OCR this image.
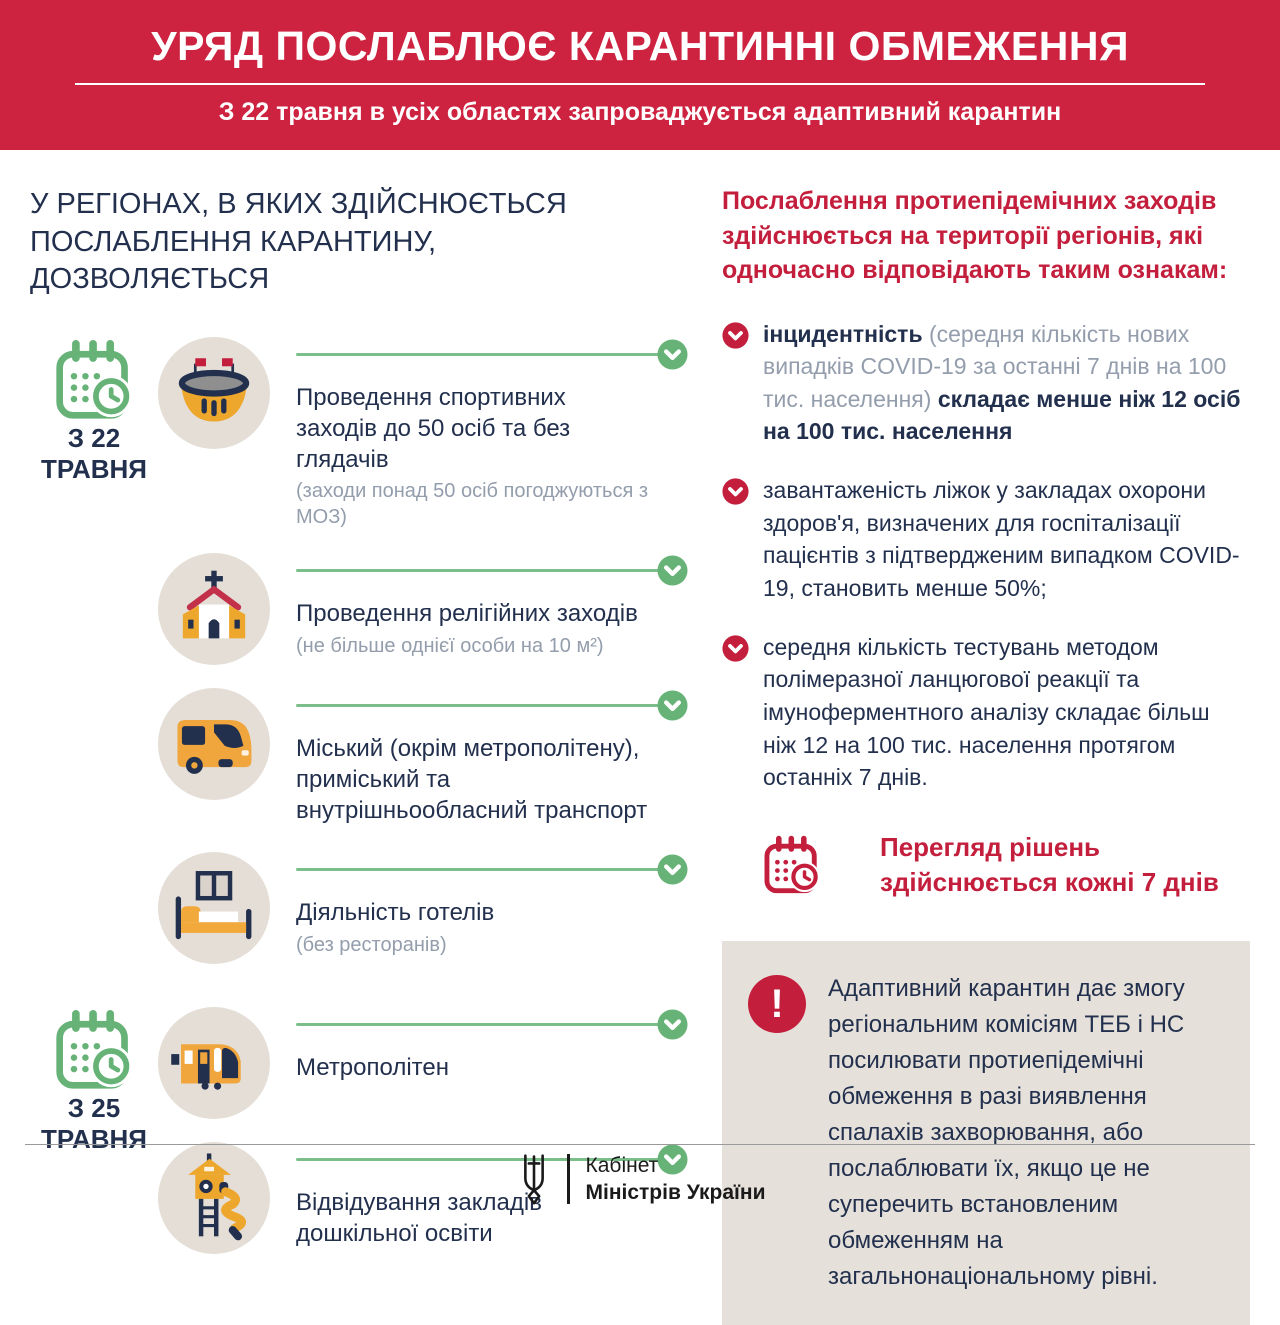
УРЯД ПОСЛАБЛЮЄ КАРАНТИННІ ОБМЕЖЕННЯ
З 22 травня в усіх областях запроваджується адаптивний карантин
У РЕГІОНАХ, В ЯКИХ ЗДІЙСНЮЄТЬСЯ ПОСЛАБЛЕННЯ КАРАНТИНУ, ДОЗВОЛЯЄТЬСЯ
З 22
ТРАВНЯ

Проведення спортивних заходів до 50 осіб та без глядачів

(заходи понад 50 осіб погоджуються з МОЗ)

Проведення релігійних заходів

(не більше однієї особи на 10 м²)

Міський (окрім метрополітену), приміський та внутрішньообласний транспорт

Діяльність готелів

(без ресторанів)

З 25
ТРАВНЯ

Метрополітен

Відвідування закладів дошкільної освіти

Послаблення протиепідемічних заходів здійснюється на території регіонів, які одночасно відповідають таким ознакам:

інцидентність (середня кількість нових випадків COVID-19 за останні 7 днів на 100 тис. населення) складає менше ніж 12 осіб на 100 тис. населення

завантаженість ліжок у закладах охорони здоров'я, визначених для госпіталізації пацієнтів з підтвердженим випадком COVID-19, становить менше 50%;

середня кількість тестувань методом полімеразної ланцюгової реакції та імуноферментного аналізу складає більш ніж 12 на 100 тис. населення протягом останніх 7 днів.

Перегляд рішень здійснюється кожні 7 днів

!	Адаптивний карантин дає змогу регіональним комісіям ТЕБ і НС посилювати протиепідемічні обмеження в разі виявлення спалахів захворювання, або послаблювати їх, якщо це не суперечить встановленим обмеженням на загальнонаціональному рівні.

Кабінет
Міністрів України
